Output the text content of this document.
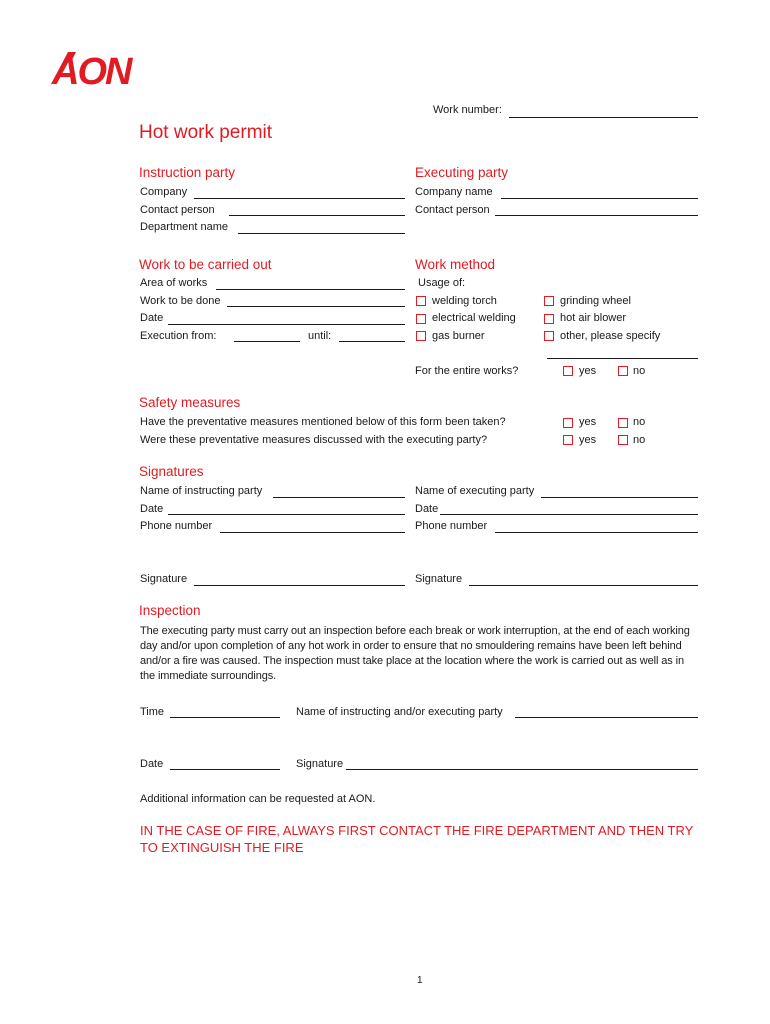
AON
Work number:
Hot work permit
Instruction party
Company
Contact person
Department name
Executing party
Company name
Contact person
Work to be carried out
Area of works
Work to be done
Date
Execution from:	until:
Work method
Usage of:
welding torch
electrical welding
gas burner
grinding wheel
hot air blower
other, please specify
For the entire works?	yes	no
Safety measures
Have the preventative measures mentioned below of this form been taken?	yes	no
Were these preventative measures discussed with the executing party?	yes	no
Signatures
Name of instructing party
Date
Phone number
Signature
Name of executing party
Date
Phone number
Signature
Inspection
The executing party must carry out an inspection before each break or work interruption, at the end of each working day and/or upon completion of any hot work in order to ensure that no smouldering remains have been left behind and/or a fire was caused. The inspection must take place at the location where the work is carried out as well as in the immediate surroundings.
Time	Name of instructing and/or executing party
Date	Signature
Additional information can be requested at AON.
IN THE CASE OF FIRE, ALWAYS FIRST CONTACT THE FIRE DEPARTMENT AND THEN TRY TO EXTINGUISH THE FIRE
1
